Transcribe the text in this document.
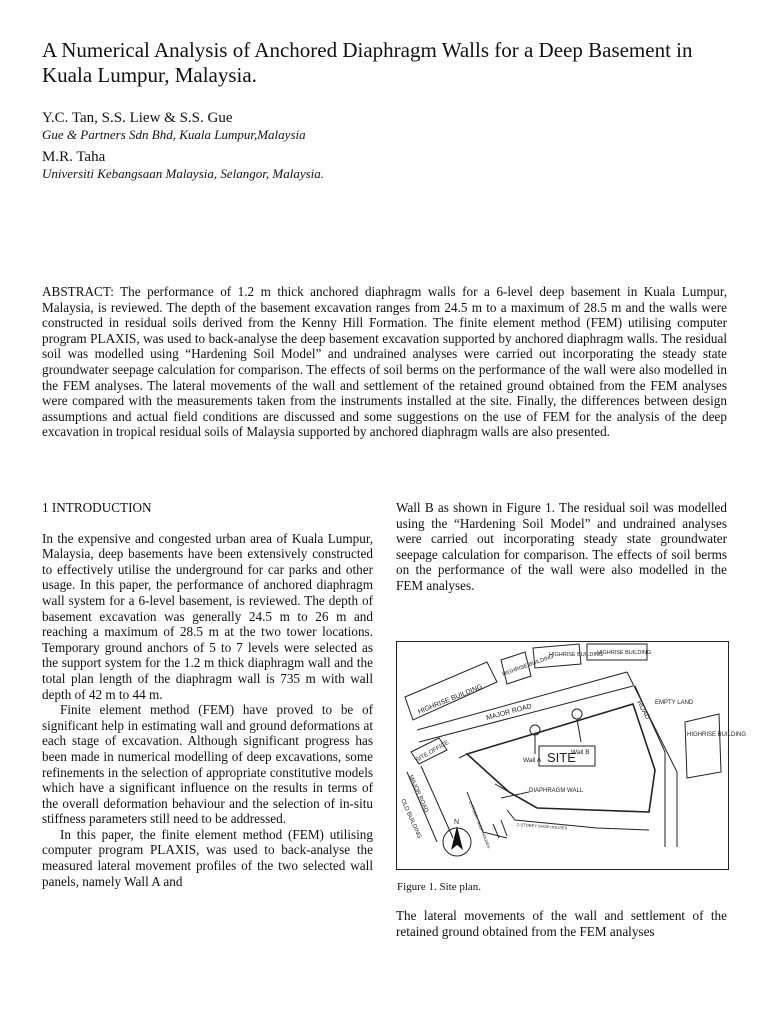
A Numerical Analysis of Anchored Diaphragm Walls for a Deep Basement in Kuala Lumpur, Malaysia.
Y.C. Tan, S.S. Liew & S.S. Gue
Gue & Partners Sdn Bhd, Kuala Lumpur,Malaysia
M.R. Taha
Universiti Kebangsaan Malaysia, Selangor, Malaysia.
ABSTRACT: The performance of 1.2 m thick anchored diaphragm walls for a 6-level deep basement in Kuala Lumpur, Malaysia, is reviewed. The depth of the basement excavation ranges from 24.5 m to a maximum of 28.5 m and the walls were constructed in residual soils derived from the Kenny Hill Formation. The finite element method (FEM) utilising computer program PLAXIS, was used to back-analyse the deep basement excavation supported by anchored diaphragm walls. The residual soil was modelled using “Hardening Soil Model” and undrained analyses were carried out incorporating the steady state groundwater seepage calculation for comparison. The effects of soil berms on the performance of the wall were also modelled in the FEM analyses. The lateral movements of the wall and settlement of the retained ground obtained from the FEM analyses were compared with the measurements taken from the instruments installed at the site. Finally, the differences between design assumptions and actual field conditions are discussed and some suggestions on the use of FEM for the analysis of the deep excavation in tropical residual soils of Malaysia supported by anchored diaphragm walls are also presented.
1 INTRODUCTION

In the expensive and congested urban area of Kuala Lumpur, Malaysia, deep basements have been extensively constructed to effectively utilise the underground for car parks and other usage. In this paper, the performance of anchored diaphragm wall system for a 6-level basement, is reviewed. The depth of basement excavation was generally 24.5 m to 26 m and reaching a maximum of 28.5 m at the two tower locations. Temporary ground anchors of 5 to 7 levels were selected as the support system for the 1.2 m thick diaphragm wall and the total plan length of the diaphragm wall is 735 m with wall depth of 42 m to 44 m.

Finite element method (FEM) have proved to be of significant help in estimating wall and ground deformations at each stage of excavation. Although significant progress has been made in numerical modelling of deep excavations, some refinements in the selection of appropriate constitutive models which have a significant influence on the results in terms of the overall deformation behaviour and the selection of in-situ stiffness parameters still need to be addressed.

In this paper, the finite element method (FEM) utilising computer program PLAXIS, was used to back-analyse the measured lateral movement profiles of the two selected wall panels, namely Wall A and

Wall B as shown in Figure 1. The residual soil was modelled using the “Hardening Soil Model” and undrained analyses were carried out incorporating steady state groundwater seepage calculation for comparison. The effects of soil berms on the performance of the wall were also modelled in the FEM analyses.

HIGHRISE BUILDING
HIGHRISE BUILDING
HIGHRISE BUILDING
HIGHRISE BUILDING
MAJOR ROAD	ROAD EMPTY LAND
Wall A
Wall B
SITE
SITE OFFICE
MAJOR ROAD
OLD BUILDING
DIAPHRAGM WALL
2-STOREY SHOP HOUSES	2-STOREY SHOP HOUSES
HIGHRISE BUILDING
N
Figure 1. Site plan.

The lateral movements of the wall and settlement of the retained ground obtained from the FEM analyses
